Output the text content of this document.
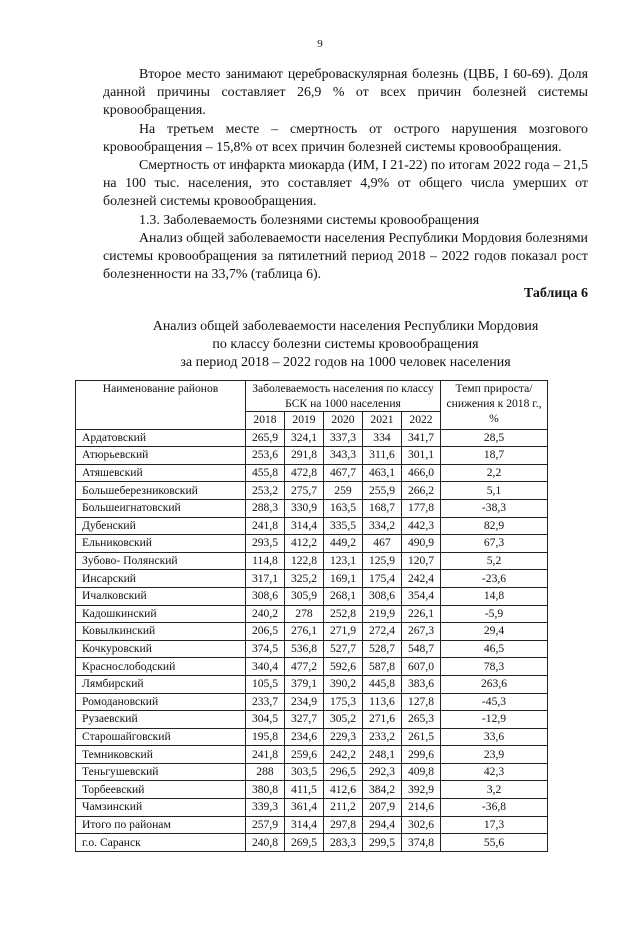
9

Второе место занимают цереброваскулярная болезнь (ЦВБ, I 60-69). Доля данной причины составляет 26,9 % от всех причин болезней системы кровообращения.

На третьем месте – смертность от острого нарушения мозгового кровообращения – 15,8% от всех причин болезней системы кровообращения.

Смертность от инфаркта миокарда (ИМ, I 21-22) по итогам 2022 года – 21,5 на 100 тыс. населения, это составляет 4,9% от общего числа умерших от болезней системы кровообращения.

1.3. Заболеваемость болезнями системы кровообращения

Анализ общей заболеваемости населения Республики Мордовия болезнями системы кровообращения за пятилетний период 2018 – 2022 годов показал рост болезненности на 33,7% (таблица 6).

Таблица 6
Анализ общей заболеваемости населения Республики Мордовия
по классу болезни системы кровообращения
за период 2018 – 2022 годов на 1000 человек населения
Наименование районов	Заболеваемость населения по классу БСК на 1000 населения					Темп прироста/снижения к 2018 г., %
	2018	2019	2020	2021	2022	
Ардатовский	265,9	324,1	337,3	334	341,7	28,5
Атюрьевский	253,6	291,8	343,3	311,6	301,1	18,7
Атяшевский	455,8	472,8	467,7	463,1	466,0	2,2
Большеберезниковский	253,2	275,7	259	255,9	266,2	5,1
Большеигнатовский	288,3	330,9	163,5	168,7	177,8	-38,3
Дубенский	241,8	314,4	335,5	334,2	442,3	82,9
Ельниковский	293,5	412,2	449,2	467	490,9	67,3
Зубово- Полянский	114,8	122,8	123,1	125,9	120,7	5,2
Инсарский	317,1	325,2	169,1	175,4	242,4	-23,6
Ичалковский	308,6	305,9	268,1	308,6	354,4	14,8
Кадошкинский	240,2	278	252,8	219,9	226,1	-5,9
Ковылкинский	206,5	276,1	271,9	272,4	267,3	29,4
Кочкуровский	374,5	536,8	527,7	528,7	548,7	46,5
Краснослободский	340,4	477,2	592,6	587,8	607,0	78,3
Лямбирский	105,5	379,1	390,2	445,8	383,6	263,6
Ромодановский	233,7	234,9	175,3	113,6	127,8	-45,3
Рузаевский	304,5	327,7	305,2	271,6	265,3	-12,9
Старошайговский	195,8	234,6	229,3	233,2	261,5	33,6
Темниковский	241,8	259,6	242,2	248,1	299,6	23,9
Теньгушевский	288	303,5	296,5	292,3	409,8	42,3
Торбеевский	380,8	411,5	412,6	384,2	392,9	3,2
Чамзинский	339,3	361,4	211,2	207,9	214,6	-36,8
Итого по районам	257,9	314,4	297,8	294,4	302,6	17,3
г.о. Саранск	240,8	269,5	283,3	299,5	374,8	55,6
